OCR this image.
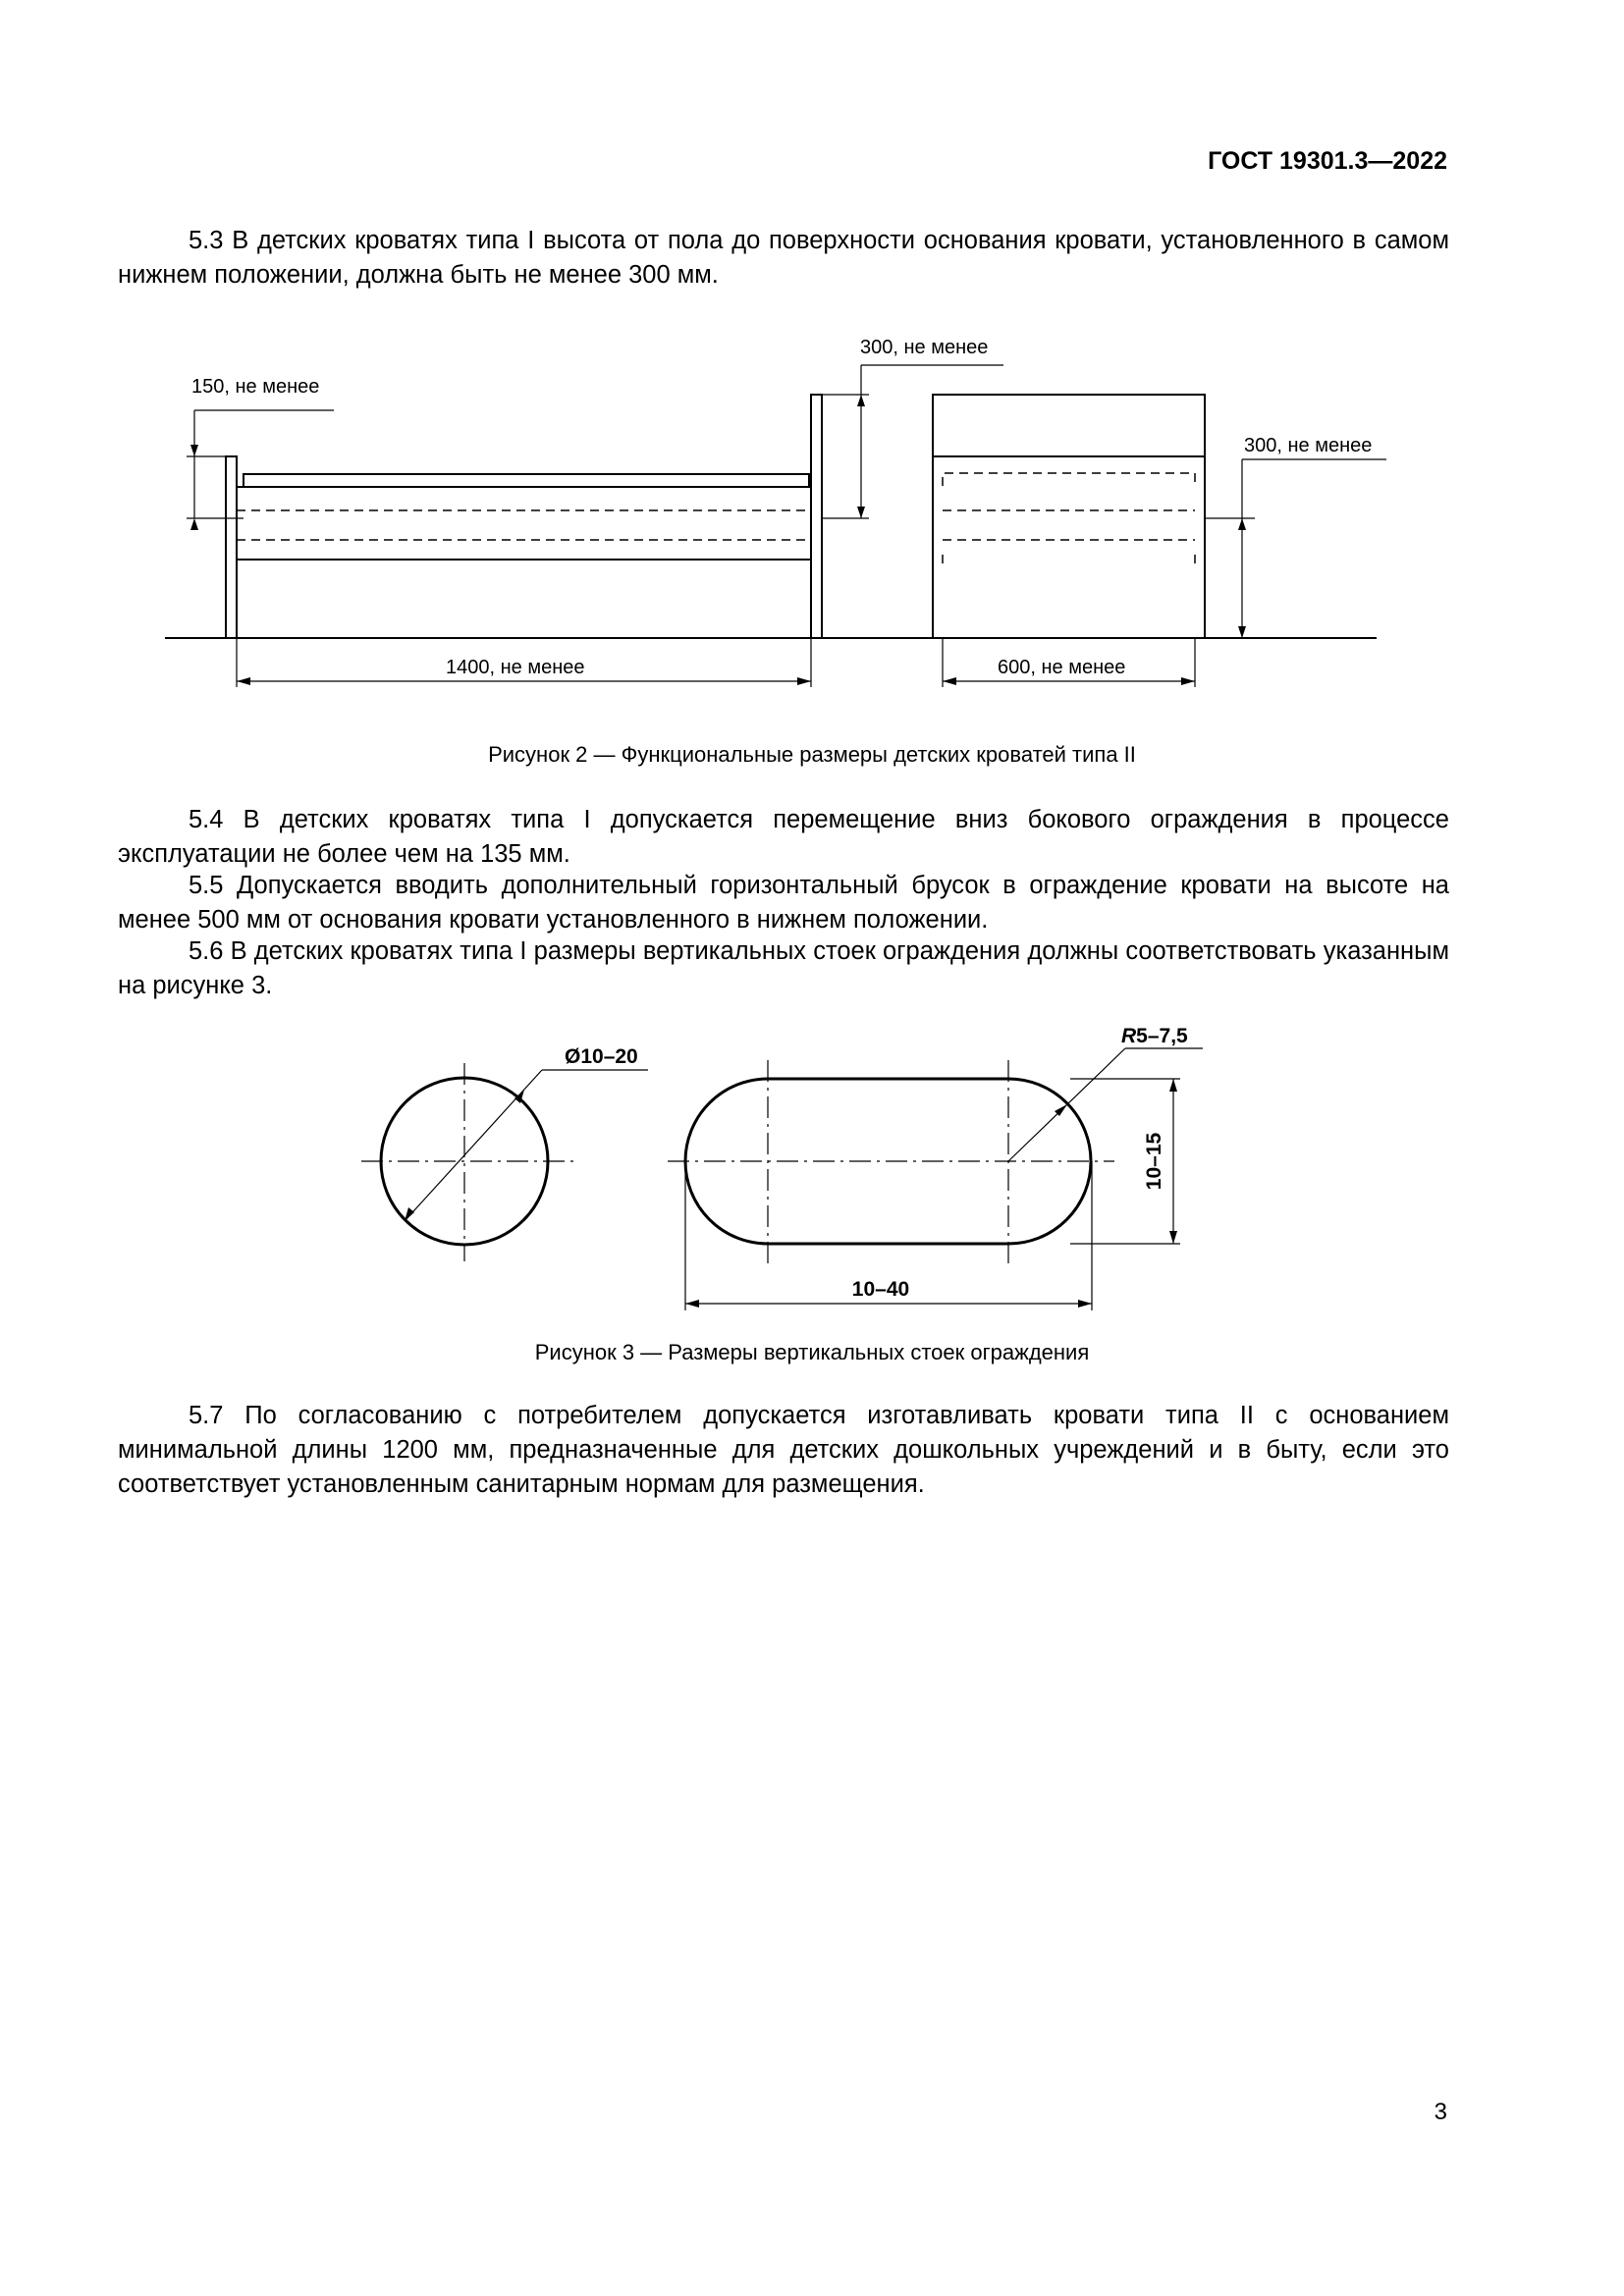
ГОСТ 19301.3—2022
5.3 В детских кроватях типа I высота от пола до поверхности основания кровати, установленного в самом нижнем положении, должна быть не менее 300 мм.
150, не менее
300, не менее
300, не менее
1400, не менее	600, не менее
Ø10–20
R5–7,5
10–15
10–40
Рисунок 2 — Функциональные размеры детских кроватей типа II
5.4 В детских кроватях типа I допускается перемещение вниз бокового ограждения в процессе эксплуатации не более чем на 135 мм.
5.5 Допускается вводить дополнительный горизонтальный брусок в ограждение кровати на высоте на менее 500 мм от основания кровати установленного в нижнем положении.
5.6 В детских кроватях типа I размеры вертикальных стоек ограждения должны соответствовать указанным на рисунке 3.
Рисунок 3 — Размеры вертикальных стоек ограждения
5.7 По согласованию с потребителем допускается изготавливать кровати типа II с основанием минимальной длины 1200 мм, предназначенные для детских дошкольных учреждений и в быту, если это соответствует установленным санитарным нормам для размещения.
3
